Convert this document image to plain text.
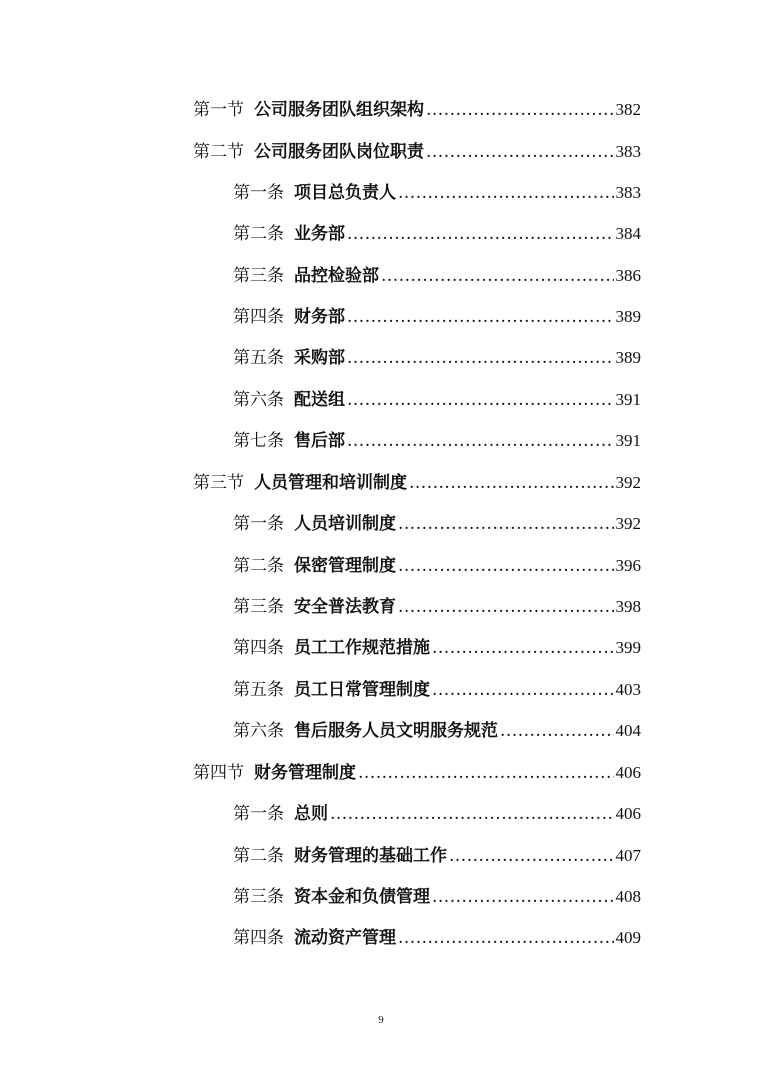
第一节 公司服务团队组织架构 .....	382
第二节 公司服务团队岗位职责 .....	383
第一条 项目总负责人 .....	383
第二条 业务部 .....	384
第三条 品控检验部 .....	386
第四条 财务部 .....	389
第五条 采购部 .....	389
第六条 配送组 .....	391
第七条 售后部 .....	391
第三节 人员管理和培训制度 .....	392
第一条 人员培训制度 .....	392
第二条 保密管理制度 .....	396
第三条 安全普法教育 .....	398
第四条 员工工作规范措施 .....	399
第五条 员工日常管理制度 .....	403
第六条 售后服务人员文明服务规范 .....	404
第四节 财务管理制度 .....	406
第一条 总则 .....	406
第二条 财务管理的基础工作 .....	407
第三条 资本金和负债管理 .....	408
第四条 流动资产管理 .....	409
9
